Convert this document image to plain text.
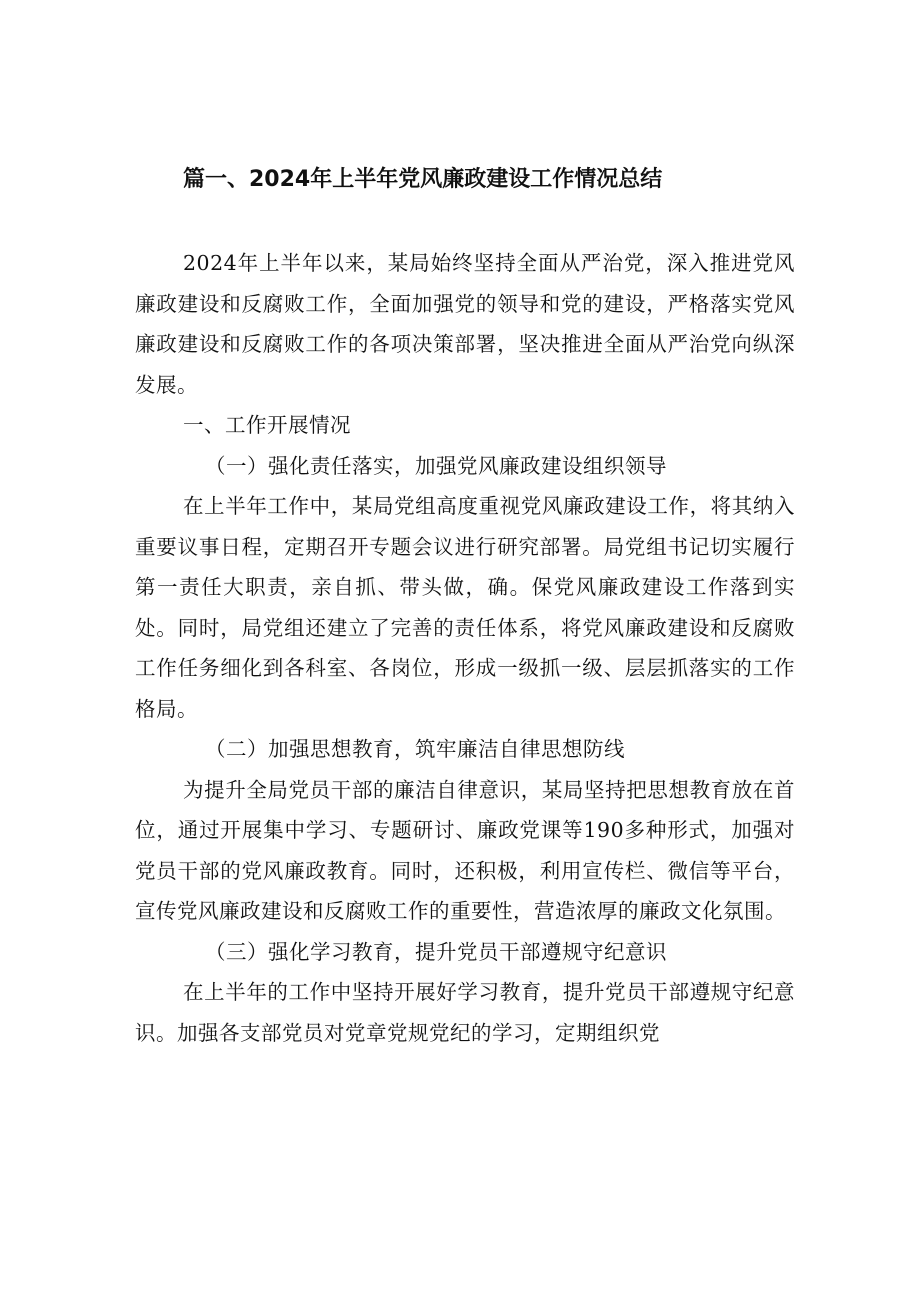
篇一、2024年上半年党风廉政建设工作情况总结

2024年上半年以来，某局始终坚持全面从严治党，深入推进党风廉政建设和反腐败工作，全面加强党的领导和党的建设，严格落实党风廉政建设和反腐败工作的各项决策部署，坚决推进全面从严治党向纵深发展。

一、工作开展情况

（一）强化责任落实，加强党风廉政建设组织领导

在上半年工作中，某局党组高度重视党风廉政建设工作，将其纳入重要议事日程，定期召开专题会议进行研究部署。局党组书记切实履行第一责任大职责，亲自抓、带头做，确。保党风廉政建设工作落到实处。同时，局党组还建立了完善的责任体系，将党风廉政建设和反腐败工作任务细化到各科室、各岗位，形成一级抓一级、层层抓落实的工作格局。

（二）加强思想教育，筑牢廉洁自律思想防线

为提升全局党员干部的廉洁自律意识，某局坚持把思想教育放在首位，通过开展集中学习、专题研讨、廉政党课等190多种形式，加强对党员干部的党风廉政教育。同时，还积极，利用宣传栏、微信等平台，宣传党风廉政建设和反腐败工作的重要性，营造浓厚的廉政文化氛围。

（三）强化学习教育，提升党员干部遵规守纪意识

在上半年的工作中坚持开展好学习教育，提升党员干部遵规守纪意识。加强各支部党员对党章党规党纪的学习，定期组织党
